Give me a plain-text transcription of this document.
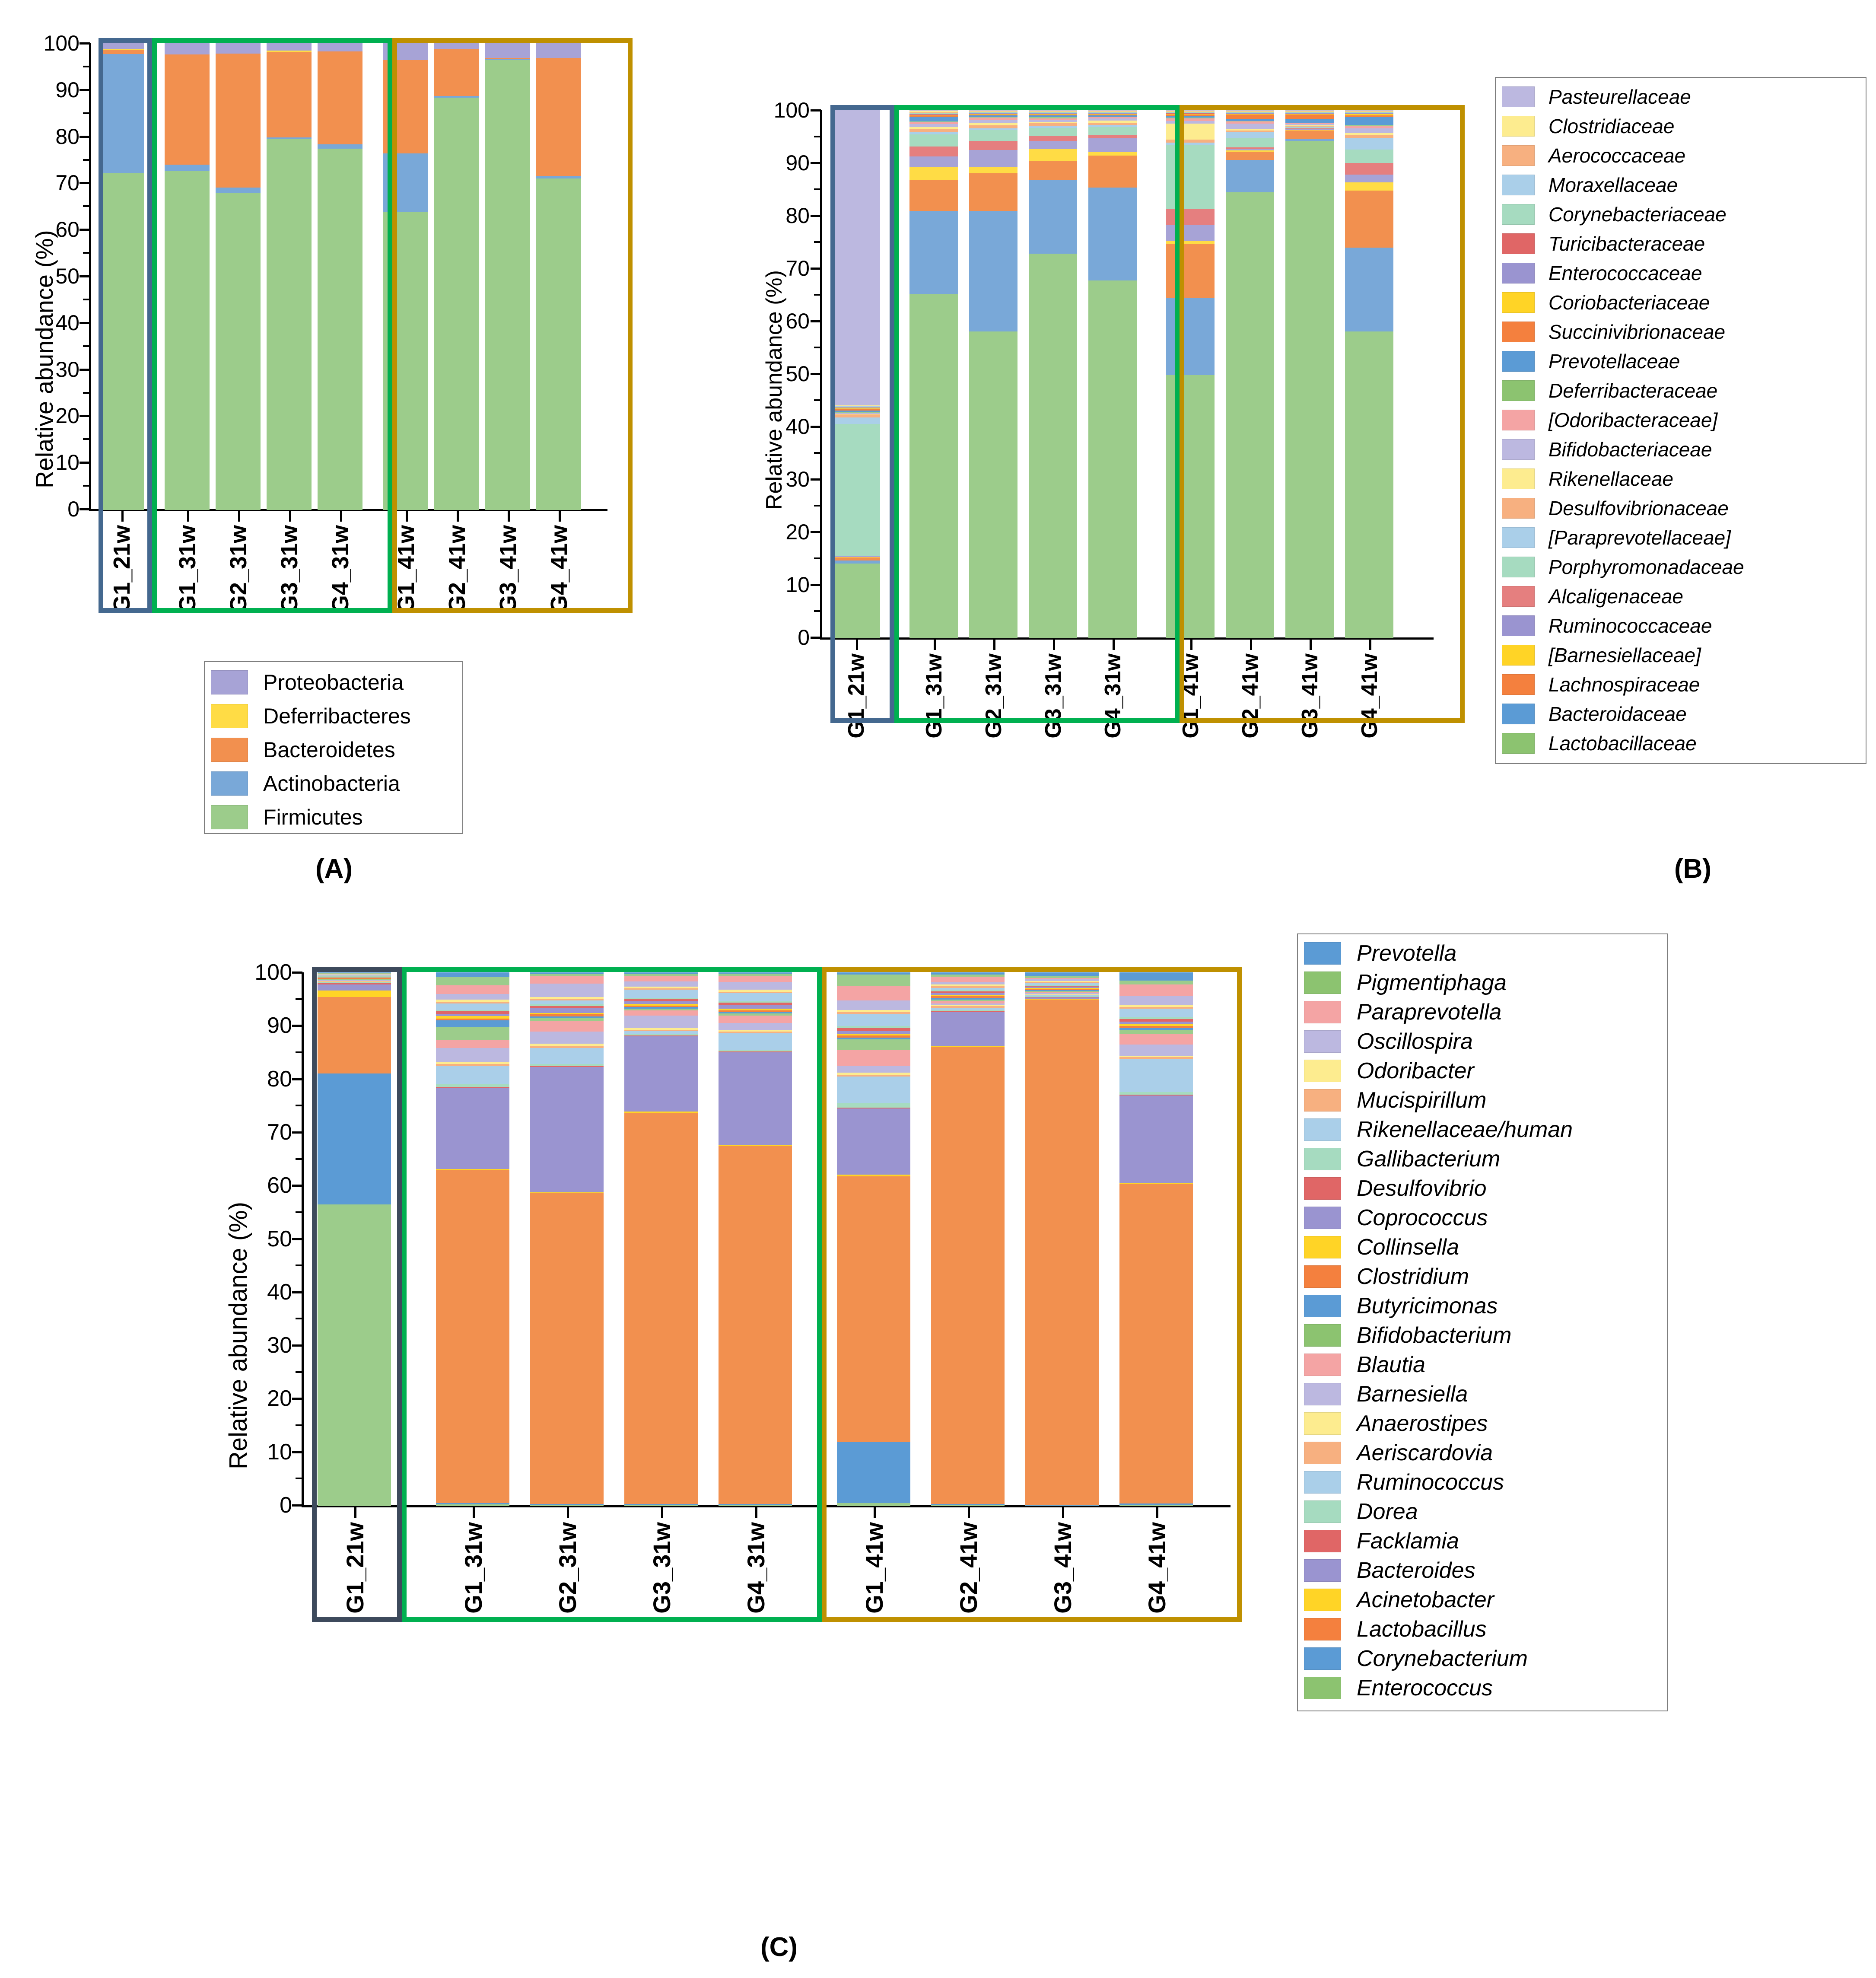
Relative abundance (%)
100
90
80
70
60
50
40
30
20
10
0
G1_21w G1_31w G2_31w G3_31w G4_31w G1_41w G2_41w G3_41w G4_41w
Proteobacteria
Deferribacteres
Bacteroidetes
Actinobacteria
Firmicutes
(A)
Relative abundance (%)
100
90
80
70
60
50
40
30
20
10
0
G1_21w G1_31w G2_31w G3_31w G4_31w G1_41w G2_41w G3_41w G4_41w
Pasteurellaceae
Clostridiaceae
Aerococcaceae
Moraxellaceae
Corynebacteriaceae
Turicibacteraceae
Enterococcaceae
Coriobacteriaceae
Succinivibrionaceae
Prevotellaceae
Deferribacteraceae
[Odoribacteraceae]
Bifidobacteriaceae
Rikenellaceae
Desulfovibrionaceae
[Paraprevotellaceae]
Porphyromonadaceae
Alcaligenaceae
Ruminococcaceae
[Barnesiellaceae]
Lachnospiraceae
Bacteroidaceae
Lactobacillaceae
(B)
Relative abundance (%)
100
90
80
70
60
50
40
30
20
10
0
G1_21w	G1_31w	G2_31w	G3_31w	G4_31w	G1_41w	G2_41w	G3_41w	G4_41w
Prevotella
Pigmentiphaga
Paraprevotella
Oscillospira
Odoribacter
Mucispirillum
Rikenellaceae/human
Gallibacterium
Desulfovibrio
Coprococcus
Collinsella
Clostridium
Butyricimonas
Bifidobacterium
Blautia
Barnesiella
Anaerostipes
Aeriscardovia
Ruminococcus
Dorea
Facklamia
Bacteroides
Acinetobacter
Lactobacillus
Corynebacterium
Enterococcus
(C)
